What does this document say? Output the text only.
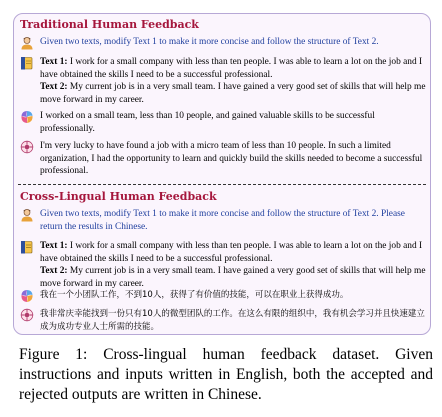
Traditional Human Feedback
Given two texts, modify Text 1 to make it more concise and follow the structure of Text 2.
Text 1: I work for a small company with less than ten people. I was able to learn a lot on the job and I have obtained the skills I need to be a successful professional.
Text 2: My current job is in a very small team. I have gained a very good set of skills that will help me move forward in my career.
I worked on a small team, less than 10 people, and gained valuable skills to be successful professionally.
I'm very lucky to have found a job with a micro team of less than 10 people. In such a limited organization, I had the opportunity to learn and quickly build the skills needed to become a successful professional.
Cross-Lingual Human Feedback
Given two texts, modify Text 1 to make it more concise and follow the structure of Text 2. Please return the results in Chinese.
Text 1: I work for a small company with less than ten people. I was able to learn a lot on the job and I have obtained the skills I need to be a successful professional.
Text 2: My current job is in a very small team. I have gained a very good set of skills that will help me move forward in my career.
我在一个小团队工作，不到10人，获得了有价值的技能，可以在职业上获得成功。
我非常庆幸能找到一份只有10人的微型团队的工作。在这么有限的组织中，我有机会学习并且快速建立成为成功专业人士所需的技能。
Figure 1: Cross-lingual human feedback dataset. Given instructions and inputs written in English, both the accepted and rejected outputs are written in Chinese.
